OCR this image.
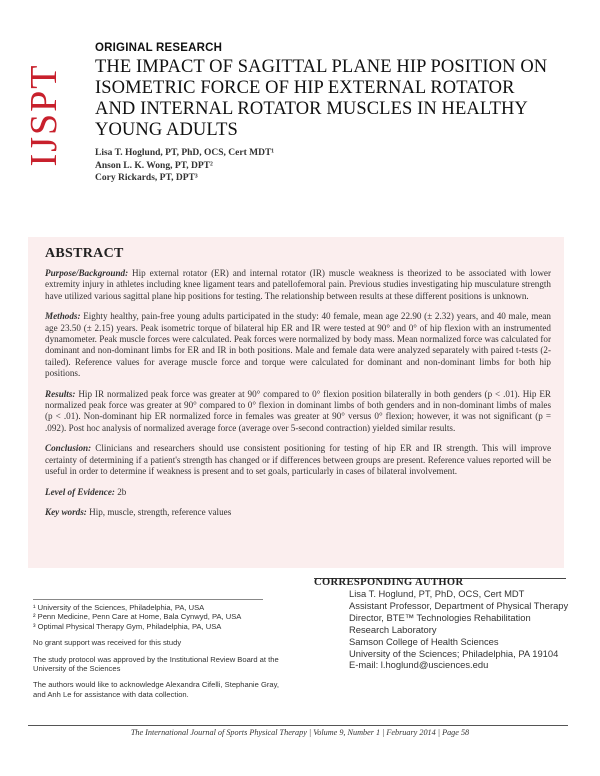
IJSPT
ORIGINAL RESEARCH
THE IMPACT OF SAGITTAL PLANE HIP POSITION ON ISOMETRIC FORCE OF HIP EXTERNAL ROTATOR AND INTERNAL ROTATOR MUSCLES IN HEALTHY YOUNG ADULTS
Lisa T. Hoglund, PT, PhD, OCS, Cert MDT¹
Anson L. K. Wong, PT, DPT²
Cory Rickards, PT, DPT³
ABSTRACT

Purpose/Background: Hip external rotator (ER) and internal rotator (IR) muscle weakness is theorized to be associated with lower extremity injury in athletes including knee ligament tears and patellofemoral pain. Previous studies investigating hip musculature strength have utilized various sagittal plane hip positions for testing. The relationship between results at these different positions is unknown.

Methods: Eighty healthy, pain-free young adults participated in the study: 40 female, mean age 22.90 (± 2.32) years, and 40 male, mean age 23.50 (± 2.15) years. Peak isometric torque of bilateral hip ER and IR were tested at 90° and 0° of hip flexion with an instrumented dynamometer. Peak muscle forces were calculated. Peak forces were normalized by body mass. Mean normalized force was calculated for dominant and non-dominant limbs for ER and IR in both positions. Male and female data were analyzed separately with paired t-tests (2-tailed). Reference values for average muscle force and torque were calculated for dominant and non-dominant limbs for both hip positions.

Results: Hip IR normalized peak force was greater at 90° compared to 0° flexion position bilaterally in both genders (p < .01). Hip ER normalized peak force was greater at 90° compared to 0° flexion in dominant limbs of both genders and in non-dominant limbs of males (p < .01). Non-dominant hip ER normalized force in females was greater at 90° versus 0° flexion; however, it was not significant (p = .092). Post hoc analysis of normalized average force (average over 5-second contraction) yielded similar results.

Conclusion: Clinicians and researchers should use consistent positioning for testing of hip ER and IR strength. This will improve certainty of determining if a patient's strength has changed or if differences between groups are present. Reference values reported will be useful in order to determine if weakness is present and to set goals, particularly in cases of bilateral involvement.

Level of Evidence: 2b

Key words: Hip, muscle, strength, reference values

CORRESPONDING AUTHOR
Lisa T. Hoglund, PT, PhD, OCS, Cert MDT
Assistant Professor, Department of Physical Therapy
Director, BTE™ Technologies Rehabilitation Research Laboratory
Samson College of Health Sciences
University of the Sciences; Philadelphia, PA 19104
E-mail: l.hoglund@usciences.edu
¹ University of the Sciences, Philadelphia, PA, USA
² Penn Medicine, Penn Care at Home, Bala Cynwyd, PA, USA
³ Optimal Physical Therapy Gym, Philadelphia, PA, USA

No grant support was received for this study

The study protocol was approved by the Institutional Review Board at the University of the Sciences

The authors would like to acknowledge Alexandra Cifelli, Stephanie Gray, and Anh Le for assistance with data collection.

The International Journal of Sports Physical Therapy | Volume 9, Number 1 | February 2014 | Page 58
